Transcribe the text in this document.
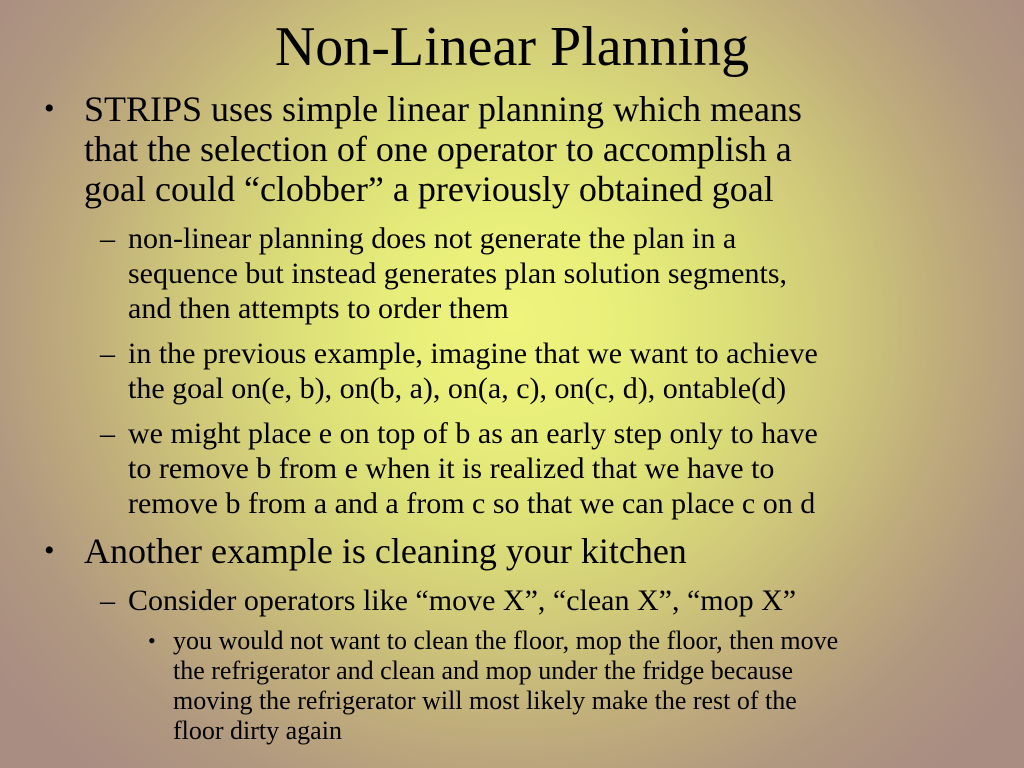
Non-Linear Planning
• STRIPS uses simple linear planning which means
that the selection of one operator to accomplish a
goal could “clobber” a previously obtained goal
– non-linear planning does not generate the plan in a
sequence but instead generates plan solution segments,
and then attempts to order them
– in the previous example, imagine that we want to achieve
the goal on(e, b), on(b, a), on(a, c), on(c, d), ontable(d)
– we might place e on top of b as an early step only to have
to remove b from e when it is realized that we have to
remove b from a and a from c so that we can place c on d
• Another example is cleaning your kitchen
– Consider operators like “move X”, “clean X”, “mop X”
• you would not want to clean the floor, mop the floor, then move
the refrigerator and clean and mop under the fridge because
moving the refrigerator will most likely make the rest of the
floor dirty again
